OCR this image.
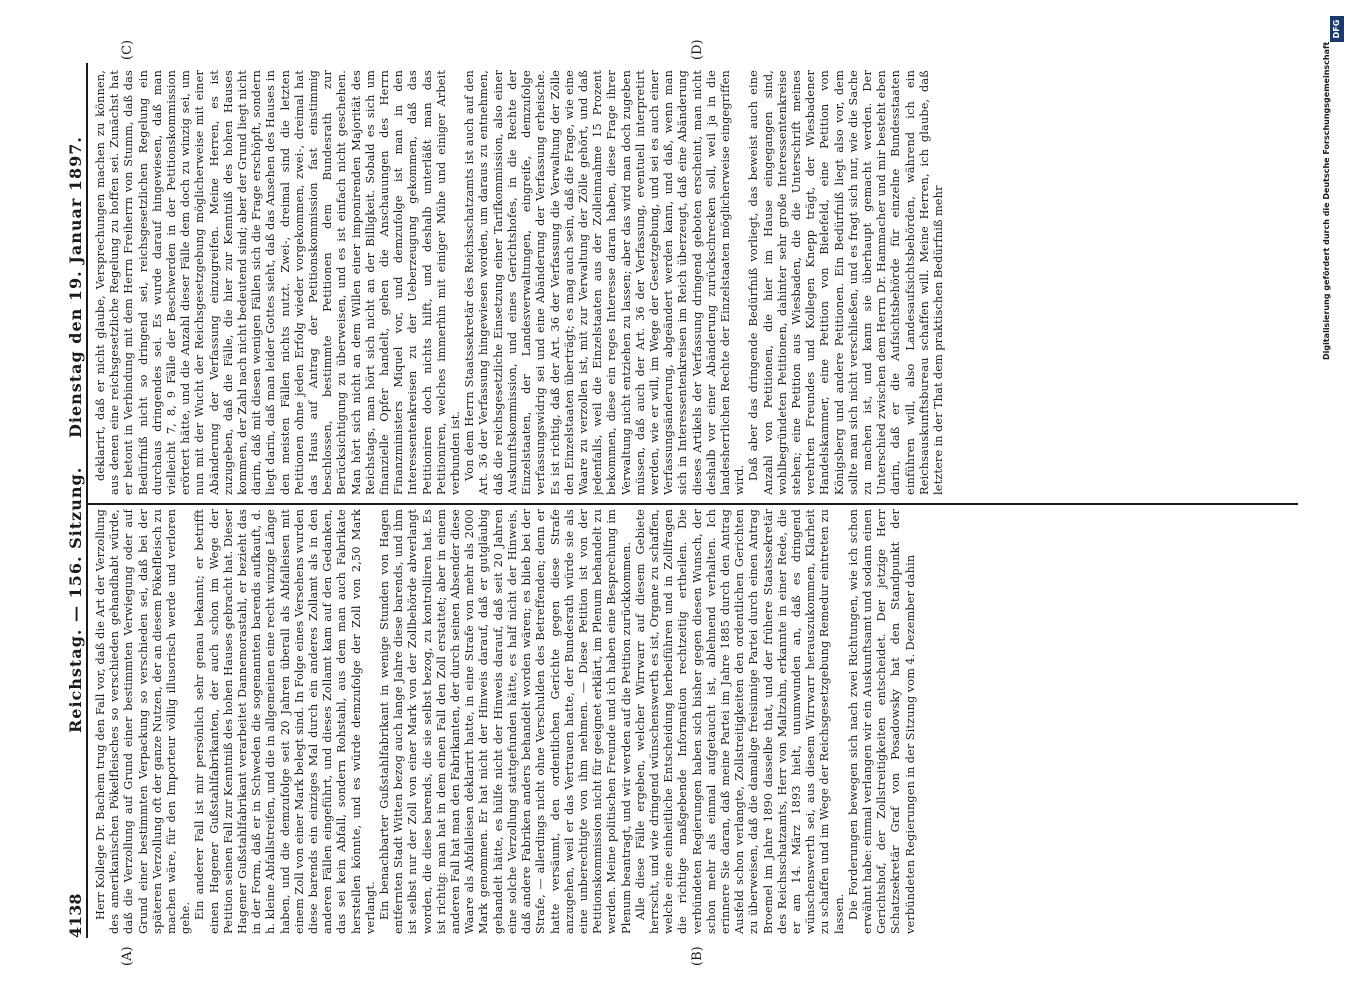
4138
Reichstag. — 156. Sitzung.
Dienstag den 19. Januar 1897.
(A)	(B)
(C)	(D)

Herr Kollege Dr. Bachem trug den Fall vor, daß die Art der Verzollung des amerikanischen Pökelfleisches so verschieden gehandhabt würde, daß die Verzollung auf Grund einer bestimmten Verwiegung oder auf Grund einer bestimmten Verpackung so verschieden sei, daß bei der späteren Verzollung oft der ganze Nutzen, der an diesem Pökelfleisch zu machen wäre, für den Importeur völlig illusorisch werde und verloren gehe. Ein anderer Fall ist mir persönlich sehr genau bekannt; er betrifft einen Hagener Gußstahlfabrikanten, der auch schon im Wege der Petition seinen Fall zur Kenntniß des hohen Hauses gebracht hat. Dieser Hagener Gußstahlfabrikant verarbeitet Dannemorastahl, er bezieht das in der Form, daß er in Schweden die sogenannten barends aufkauft, d. h. kleine Abfallstreifen, und die in allgemeinen eine recht winzige Länge haben, und die demzufolge seit 20 Jahren überall als Abfalleisen mit einem Zoll von einer Mark belegt sind. In Folge eines Versehens wurden diese barends ein einziges Mal durch ein anderes Zollamt als in den anderen Fällen eingeführt, und dieses Zollamt kam auf den Gedanken, das sei kein Abfall, sondern Rohstahl, aus dem man auch Fabrikate herstellen könnte, und es würde demzufolge der Zoll von 2,50 Mark verlangt. Ein benachbarter Gußstahlfabrikant in wenige Stunden von Hagen entfernten Stadt Witten bezog auch lange Jahre diese barends, und ihm ist selbst nur der Zoll von einer Mark von der Zollbehörde abverlangt worden, die diese barends, die sie selbst bezog, zu kontrolliren hat. Es ist richtig: man hat in dem einen Fall den Zoll erstattet; aber in einem anderen Fall hat man den Fabrikanten, der durch seinen Absender diese Waare als Abfalleisen deklarirt hatte, in eine Strafe von mehr als 2000 Mark genommen. Er hat nicht der Hinweis darauf, daß er gutgläubig gehandelt hätte, es hülfe nicht der Hinweis darauf, daß seit 20 Jahren eine solche Verzollung stattgefunden hätte, es half nicht der Hinweis, daß andere Fabriken anders behandelt worden wären; es blieb bei der Strafe, — allerdings nicht ohne Verschulden des Betreffenden; denn er hatte versäumt, den ordentlichen Gerichte gegen diese Strafe anzugehen, weil er das Vertrauen hatte, der Bundesrath würde sie als eine unberechtigte von ihm nehmen. — Diese Petition ist von der Petitionskommission nicht für geeignet erklärt, im Plenum behandelt zu werden. Meine politischen Freunde und ich haben eine Besprechung im Plenum beantragt, und wir werden auf die Petition zurückkommen. Alle diese Fälle ergeben, welcher Wirrwarr auf diesem Gebiete herrscht, und wie dringend wünschenswerth es ist, Organe zu schaffen, welche eine einheitliche Entscheidung herbeiführen und in Zollfragen die richtige maßgebende Information rechtzeitig ertheilen. Die verbündeten Regierungen haben sich bisher gegen diesen Wunsch, der schon mehr als einmal aufgetaucht ist, ablehnend verhalten. Ich erinnere Sie daran, daß meine Partei im Jahre 1885 durch den Antrag Ausfeld schon verlangte, Zollstreitigkeiten den ordentlichen Gerichten zu überweisen, daß die damalige freisinnige Partei durch einen Antrag Broemel im Jahre 1890 dasselbe that, und der frühere Staatssekretär des Reichsschatzamts, Herr von Maltzahn, erkannte in einer Rede, die er am 14. März 1893 hielt, unumwunden an, daß es dringend wünschenswerth sei, aus diesem Wirrwarr herauszukommen, Klarheit zu schaffen und im Wege der Reichsgesetzgebung Remedur eintreten zu lassen. Die Forderungen bewegen sich nach zwei Richtungen, wie ich schon erwähnt habe: einmal verlangen wir ein Auskunftsamt und sodann einen Gerichtshof, der Zollstreitigkeiten entscheidet. Der jetzige Herr Schatzsekretär Graf von Posadowsky hat den Standpunkt der verbündeten Regierungen in der Sitzung vom 4. Dezember dahin

deklarirt, daß er nicht glaube, Versprechungen machen zu können, aus denen eine reichsgesetzliche Regelung zu hoffen sei. Zunächst hat er betont in Verbindung mit dem Herrn Freiherrn von Stumm, daß das Bedürfniß nicht so dringend sei, reichsgesetzlichen Regelung ein durchaus dringendes sei. Es wurde darauf hingewiesen, daß man vielleicht 7, 8, 9 Fälle der Beschwerden in der Petitionskommission erörtert hätte, und die Anzahl dieser Fälle dem doch zu winzig sei, um nun mit der Wucht der Reichsgesetzgebung möglicherweise mit einer Abänderung der Verfassung einzugreifen. Meine Herren, es ist zuzugeben, daß die Fälle, die hier zur Kenntniß des hohen Hauses kommen, der Zahl nach nicht bedeutend sind; aber der Grund liegt nicht darin, daß mit diesen wenigen Fällen sich die Frage erschöpft, sondern liegt darin, daß man leider Gottes sieht, daß das Ansehen des Hauses in den meisten Fällen nichts nutzt. Zwei-, dreimal sind die letzten Petitionen ohne jeden Erfolg wieder vorgekommen, zwei-, dreimal hat das Haus auf Antrag der Petitionskommission fast einstimmig beschlossen, bestimmte Petitionen dem Bundesrath zur Berücksichtigung zu überweisen, und es ist einfach nicht geschehen. Man hört sich nicht an dem Willen einer imponirenden Majorität des Reichstags, man hört sich nicht an der Billigkeit. Sobald es sich um finanzielle Opfer handelt, gehen die Anschauungen des Herrn Finanzministers Miquel vor, und demzufolge ist man in den Interessentenkreisen zu der Ueberzeugung gekommen, daß das Petitioniren doch nichts hilft, und deshalb unterläßt man das Petitioniren, welches immerhin mit einiger Mühe und einiger Arbeit verbunden ist. Von dem Herrn Staatssekretär des Reichsschatzamts ist auch auf den Art. 36 der Verfassung hingewiesen worden, um daraus zu entnehmen, daß die reichsgesetzliche Einsetzung einer Tarifkommission, also einer Auskunftskommission, und eines Gerichtshofes, in die Rechte der Einzelstaaten, der Landesverwaltungen, eingreife, demzufolge verfassungswidrig sei und eine Abänderung der Verfassung erheische. Es ist richtig, daß der Art. 36 der Verfassung die Verwaltung der Zölle den Einzelstaaten überträgt; es mag auch sein, daß die Frage, wie eine Waare zu verzollen ist, mit zur Verwaltung der Zölle gehört, und daß jedenfalls, weil die Einzelstaaten aus der Zolleinnahme 15 Prozent bekommen, diese ein reges Interesse daran haben, diese Frage ihrer Verwaltung nicht entziehen zu lassen; aber das wird man doch zugeben müssen, daß auch der Art. 36 der Verfassung, eventuell interpretirt werden, wie er will, im Wege der Gesetzgebung, und sei es auch einer Verfassungsänderung, abgeändert werden kann, und daß, wenn man sich in Interessentenkreisen im Reich überzeugt, daß eine Abänderung dieses Artikels der Verfassung dringend geboten erscheint, man nicht deshalb vor einer Abänderung zurückschrecken soll, weil ja in die landesherrlichen Rechte der Einzelstaaten möglicherweise eingegriffen wird. Daß aber das dringende Bedürfniß vorliegt, das beweist auch eine Anzahl von Petitionen, die hier im Hause eingegangen sind, wohlbegründeten Petitionen, dahinter sehr große Interessentenkreise stehen; eine Petition aus Wiesbaden, die die Unterschrift meines verehrten Freundes und Kollegen Knepp trägt, der Wiesbadener Handelskammer, eine Petition von Bielefeld, eine Petition von Königsberg und andere Petitionen. Ein Bedürfniß liegt also vor, dem sollte man sich nicht verschließen, und es fragt sich nur, wie die Sache zu machen ist, und kann sie überhaupt gemacht werden. Der Unterschied zwischen dem Herrn Dr. Hammacher und mir besteht eben darin, daß er die Aufsichtsbehörde für einzelne Bundesstaaten einführen will, also Landesaufsichtsbehörden, während ich ein Reichsauskunftsbureau schaffen will. Meine Herren, ich glaube, daß letztere in der That dem praktischen Bedürfniß mehr	Digitalisierung gefördert durch die Deutsche Forschungsgemeinschaft
DFG
